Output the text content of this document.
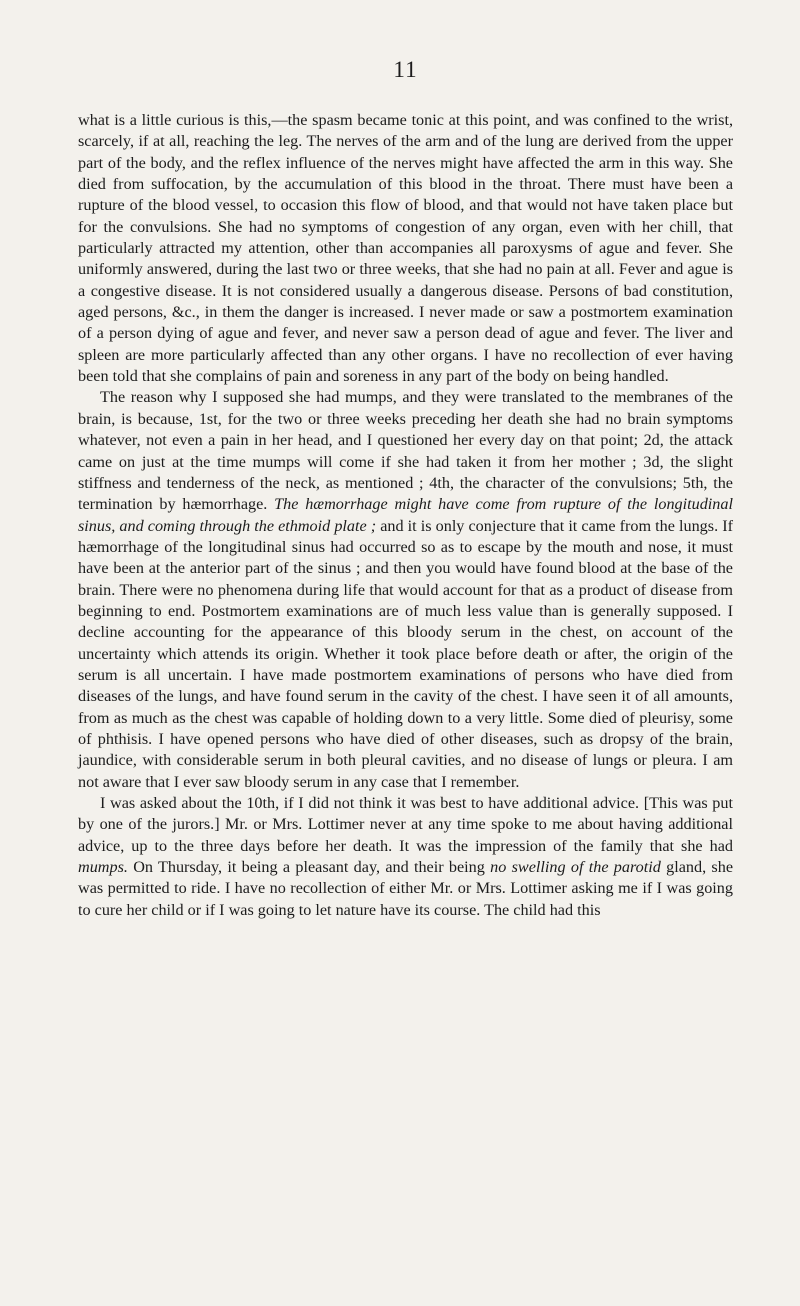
11

what is a little curious is this,—the spasm became tonic at this point, and was confined to the wrist, scarcely, if at all, reaching the leg. The nerves of the arm and of the lung are derived from the upper part of the body, and the reflex influence of the nerves might have affected the arm in this way. She died from suffocation, by the accumulation of this blood in the throat. There must have been a rupture of the blood vessel, to occasion this flow of blood, and that would not have taken place but for the convulsions. She had no symptoms of congestion of any organ, even with her chill, that particularly attracted my attention, other than accompanies all paroxysms of ague and fever. She uniformly answered, during the last two or three weeks, that she had no pain at all. Fever and ague is a congestive disease. It is not considered usually a dangerous disease. Persons of bad constitution, aged persons, &c., in them the danger is increased. I never made or saw a postmortem examination of a person dying of ague and fever, and never saw a person dead of ague and fever. The liver and spleen are more particularly affected than any other organs. I have no recollection of ever having been told that she complains of pain and soreness in any part of the body on being handled.

The reason why I supposed she had mumps, and they were translated to the membranes of the brain, is because, 1st, for the two or three weeks preceding her death she had no brain symptoms whatever, not even a pain in her head, and I questioned her every day on that point; 2d, the attack came on just at the time mumps will come if she had taken it from her mother ; 3d, the slight stiffness and tenderness of the neck, as mentioned ; 4th, the character of the convulsions; 5th, the termination by hæmorrhage. The hæmorrhage might have come from rupture of the longitudinal sinus, and coming through the ethmoid plate ; and it is only conjecture that it came from the lungs. If hæmorrhage of the longitudinal sinus had occurred so as to escape by the mouth and nose, it must have been at the anterior part of the sinus ; and then you would have found blood at the base of the brain. There were no phenomena during life that would account for that as a product of disease from beginning to end. Postmortem examinations are of much less value than is generally supposed. I decline accounting for the appearance of this bloody serum in the chest, on account of the uncertainty which attends its origin. Whether it took place before death or after, the origin of the serum is all uncertain. I have made postmortem examinations of persons who have died from diseases of the lungs, and have found serum in the cavity of the chest. I have seen it of all amounts, from as much as the chest was capable of holding down to a very little. Some died of pleurisy, some of phthisis. I have opened persons who have died of other diseases, such as dropsy of the brain, jaundice, with considerable serum in both pleural cavities, and no disease of lungs or pleura. I am not aware that I ever saw bloody serum in any case that I remember.

I was asked about the 10th, if I did not think it was best to have additional advice. [This was put by one of the jurors.] Mr. or Mrs. Lottimer never at any time spoke to me about having additional advice, up to the three days before her death. It was the impression of the family that she had mumps. On Thursday, it being a pleasant day, and their being no swelling of the parotid gland, she was permitted to ride. I have no recollection of either Mr. or Mrs. Lottimer asking me if I was going to cure her child or if I was going to let nature have its course. The child had this
